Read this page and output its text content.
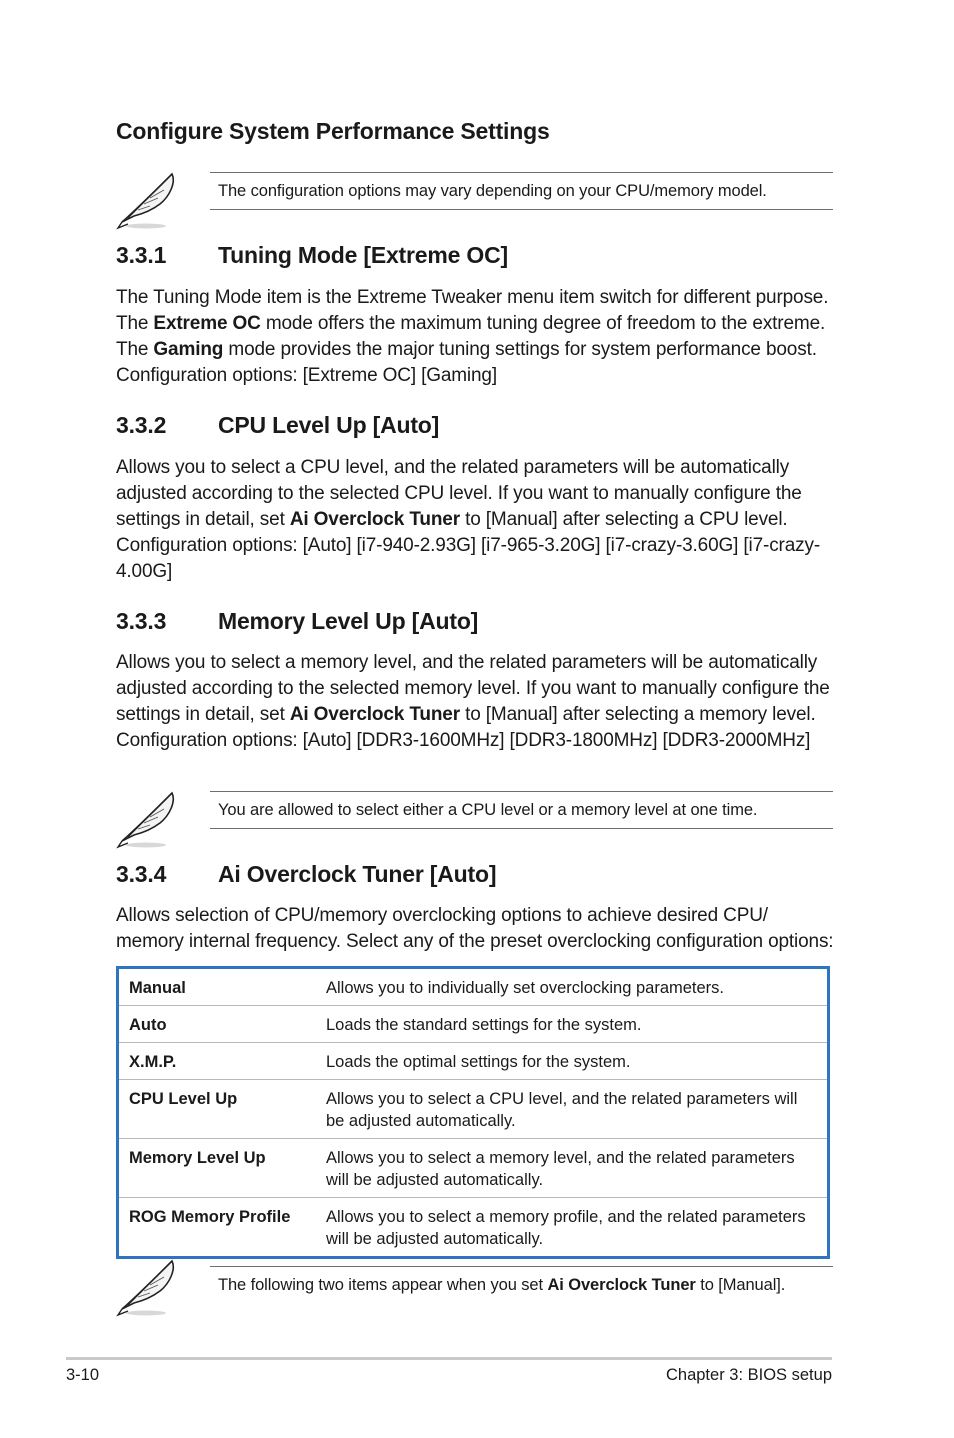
Configure System Performance Settings
The configuration options may vary depending on your CPU/memory model.
3.3.1 Tuning Mode [Extreme OC]
The Tuning Mode item is the Extreme Tweaker menu item switch for different purpose. The Extreme OC mode offers the maximum tuning degree of freedom to the extreme. The Gaming mode provides the major tuning settings for system performance boost. Configuration options: [Extreme OC] [Gaming]
3.3.2 CPU Level Up [Auto]
Allows you to select a CPU level, and the related parameters will be automatically adjusted according to the selected CPU level. If you want to manually configure the settings in detail, set Ai Overclock Tuner to [Manual] after selecting a CPU level. Configuration options: [Auto] [i7-940-2.93G] [i7-965-3.20G] [i7-crazy-3.60G] [i7-crazy-4.00G]
3.3.3 Memory Level Up [Auto]
Allows you to select a memory level, and the related parameters will be automatically adjusted according to the selected memory level. If you want to manually configure the settings in detail, set Ai Overclock Tuner to [Manual] after selecting a memory level.
Configuration options: [Auto] [DDR3-1600MHz] [DDR3-1800MHz] [DDR3-2000MHz]
You are allowed to select either a CPU level or a memory level at one time.
3.3.4 Ai Overclock Tuner [Auto]
Allows selection of CPU/memory overclocking options to achieve desired CPU/ memory internal frequency. Select any of the preset overclocking configuration options:
Manual	Allows you to individually set overclocking parameters.
Auto	Loads the standard settings for the system.
X.M.P.	Loads the optimal settings for the system.
CPU Level Up	Allows you to select a CPU level, and the related parameters will be adjusted automatically.
Memory Level Up	Allows you to select a memory level, and the related parameters will be adjusted automatically.
ROG Memory Profile	Allows you to select a memory profile, and the related parameters will be adjusted automatically.
The following two items appear when you set Ai Overclock Tuner to [Manual].
3-10	Chapter 3: BIOS setup
